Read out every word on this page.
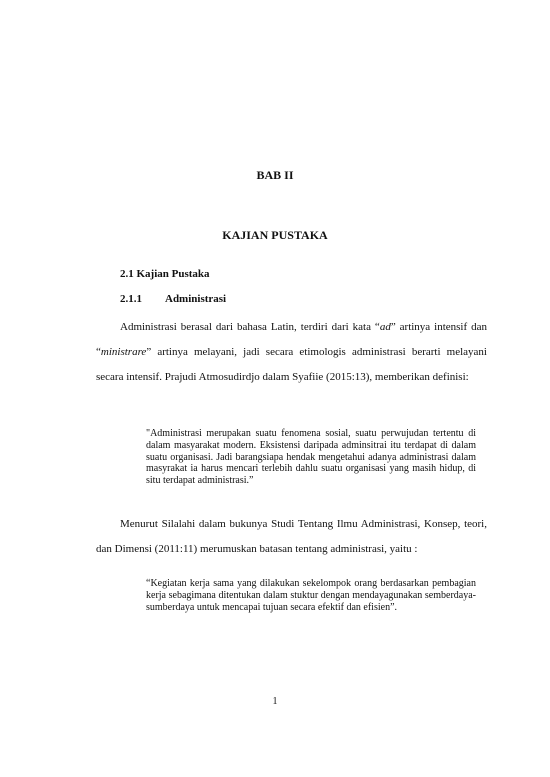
BAB II
KAJIAN PUSTAKA
2.1 Kajian Pustaka
2.1.1 Administrasi

Administrasi berasal dari bahasa Latin, terdiri dari kata “ad” artinya intensif dan “ministrare” artinya melayani, jadi secara etimologis administrasi berarti melayani secara intensif. Prajudi Atmosudirdjo dalam Syafiie (2015:13), memberikan definisi:

"Administrasi merupakan suatu fenomena sosial, suatu perwujudan tertentu di dalam masyarakat modern. Eksistensi daripada adminsitrai itu terdapat di dalam suatu organisasi. Jadi barangsiapa hendak mengetahui adanya administrasi dalam masyrakat ia harus mencari terlebih dahlu suatu organisasi yang masih hidup, di situ terdapat administrasi.”

Menurut Silalahi dalam bukunya Studi Tentang Ilmu Administrasi, Konsep, teori, dan Dimensi (2011:11) merumuskan batasan tentang administrasi, yaitu :

“Kegiatan kerja sama yang dilakukan sekelompok orang berdasarkan pembagian kerja sebagimana ditentukan dalam stuktur dengan mendayagunakan semberdaya-sumberdaya untuk mencapai tujuan secara efektif dan efisien”.
1
